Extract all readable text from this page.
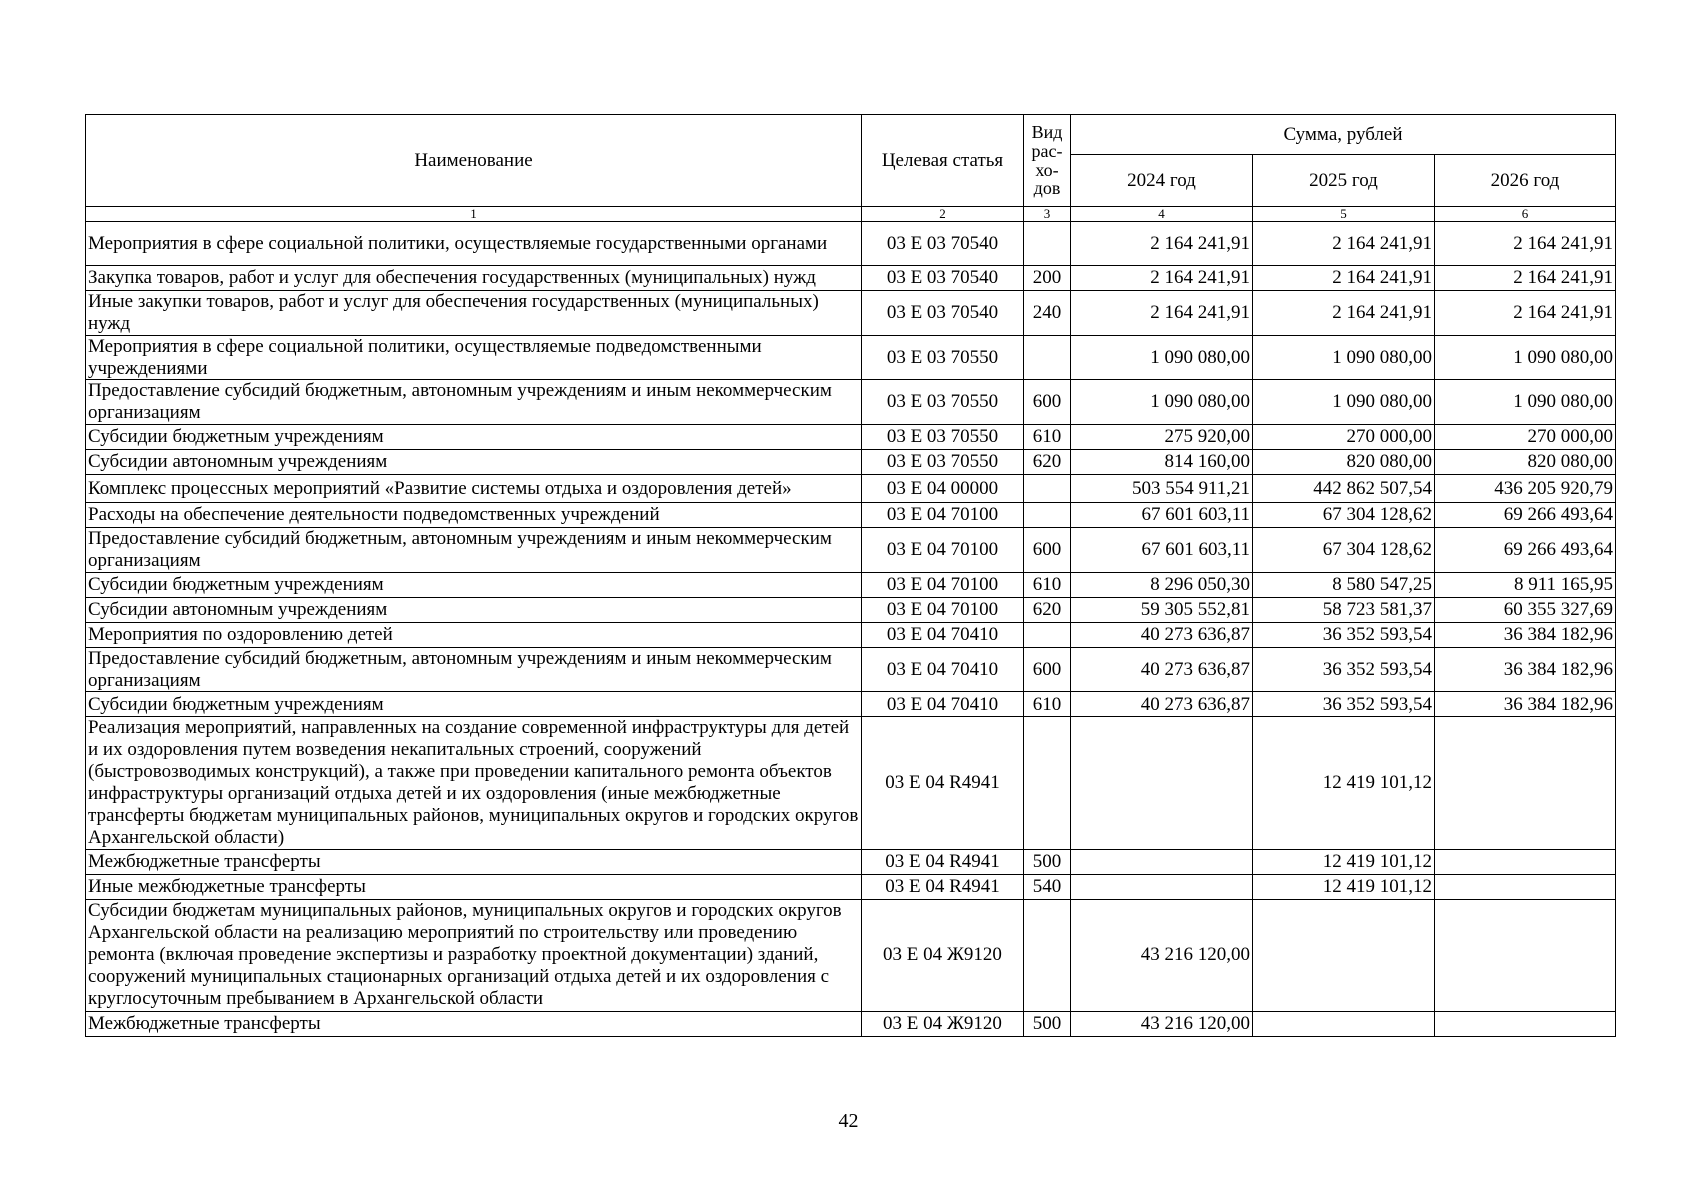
Наименование	Целевая статья	Вид рас-хо-дов	Сумма, рублей		
			2024 год	2025 год	2026 год
1	2	3	4	5	6
Мероприятия в сфере социальной политики, осуществляемые государственными органами	03 Е 03 70540		2 164 241,91	2 164 241,91	2 164 241,91
Закупка товаров, работ и услуг для обеспечения государственных (муниципальных) нужд	03 Е 03 70540	200	2 164 241,91	2 164 241,91	2 164 241,91
Иные закупки товаров, работ и услуг для обеспечения государственных (муниципальных) нужд	03 Е 03 70540	240	2 164 241,91	2 164 241,91	2 164 241,91
Мероприятия в сфере социальной политики, осуществляемые подведомственными учреждениями	03 Е 03 70550		1 090 080,00	1 090 080,00	1 090 080,00
Предоставление субсидий бюджетным, автономным учреждениям и иным некоммерческим организациям	03 Е 03 70550	600	1 090 080,00	1 090 080,00	1 090 080,00
Субсидии бюджетным учреждениям	03 Е 03 70550	610	275 920,00	270 000,00	270 000,00
Субсидии автономным учреждениям	03 Е 03 70550	620	814 160,00	820 080,00	820 080,00
Комплекс процессных мероприятий «Развитие системы отдыха и оздоровления детей»	03 Е 04 00000		503 554 911,21	442 862 507,54	436 205 920,79
Расходы на обеспечение деятельности подведомственных учреждений	03 Е 04 70100		67 601 603,11	67 304 128,62	69 266 493,64
Предоставление субсидий бюджетным, автономным учреждениям и иным некоммерческим организациям	03 Е 04 70100	600	67 601 603,11	67 304 128,62	69 266 493,64
Субсидии бюджетным учреждениям	03 Е 04 70100	610	8 296 050,30	8 580 547,25	8 911 165,95
Субсидии автономным учреждениям	03 Е 04 70100	620	59 305 552,81	58 723 581,37	60 355 327,69
Мероприятия по оздоровлению детей	03 Е 04 70410		40 273 636,87	36 352 593,54	36 384 182,96
Предоставление субсидий бюджетным, автономным учреждениям и иным некоммерческим организациям	03 Е 04 70410	600	40 273 636,87	36 352 593,54	36 384 182,96
Субсидии бюджетным учреждениям	03 Е 04 70410	610	40 273 636,87	36 352 593,54	36 384 182,96
Реализация мероприятий, направленных на создание современной инфраструктуры для детей и их оздоровления путем возведения некапитальных строений, сооружений (быстровозводимых конструкций), а также при проведении капитального ремонта объектов инфраструктуры организаций отдыха детей и их оздоровления (иные межбюджетные трансферты бюджетам муниципальных районов, муниципальных округов и городских округов Архангельской области)	03 Е 04 R4941			12 419 101,12	
Межбюджетные трансферты	03 Е 04 R4941	500		12 419 101,12	
Иные межбюджетные трансферты	03 Е 04 R4941	540		12 419 101,12	
Субсидии бюджетам муниципальных районов, муниципальных округов и городских округов Архангельской области на реализацию мероприятий по строительству или проведению ремонта (включая проведение экспертизы и разработку проектной документации) зданий, сооружений муниципальных стационарных организаций отдыха детей и их оздоровления с круглосуточным пребыванием в Архангельской области	03 Е 04 Ж9120		43 216 120,00		
Межбюджетные трансферты	03 Е 04 Ж9120	500	43 216 120,00		
42
